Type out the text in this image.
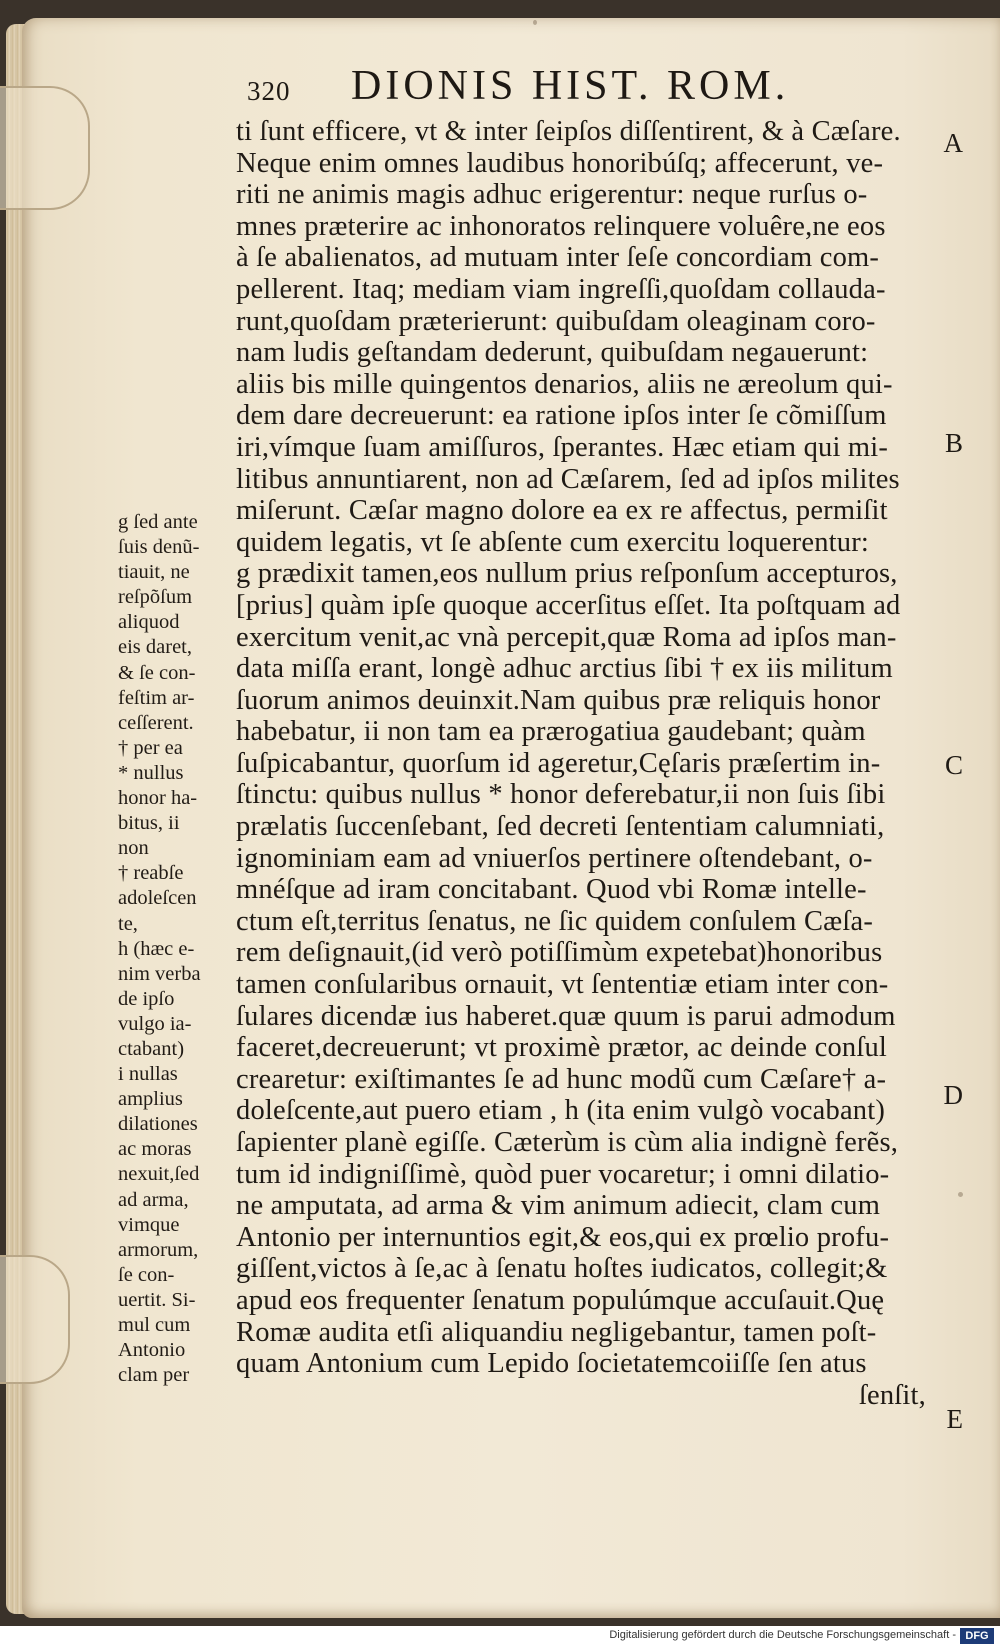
320 DIONIS HIST. ROM.
ti ſunt efficere, vt & inter ſeipſos diſſentirent, & à Cæſare.
Neque enim omnes laudibus honoribúſq; affecerunt, ve-
riti ne animis magis adhuc erigerentur: neque rurſus o-
mnes præterire ac inhonoratos relinquere voluêre,ne eos
à ſe abalienatos, ad mutuam inter ſeſe concordiam com-
pellerent. Itaq; mediam viam ingreſſi,quoſdam collauda-
runt,quoſdam præterierunt: quibuſdam oleaginam coro-
nam ludis geſtandam dederunt, quibuſdam negauerunt:
aliis bis mille quingentos denarios, aliis ne æreolum qui-
dem dare decreuerunt: ea ratione ipſos inter ſe cõmiſſum
iri,vímque ſuam amiſſuros, ſperantes. Hæc etiam qui mi-
litibus annuntiarent, non ad Cæſarem, ſed ad ipſos milites
miſerunt. Cæſar magno dolore ea ex re affectus, permiſit
quidem legatis, vt ſe abſente cum exercitu loquerentur:
g prædixit tamen,eos nullum prius reſponſum accepturos,
[prius] quàm ipſe quoque accerſitus eſſet. Ita poſtquam ad
exercitum venit,ac vnà percepit,quæ Roma ad ipſos man-
data miſſa erant, longè adhuc arctius ſibi † ex iis militum
ſuorum animos deuinxit.Nam quibus præ reliquis honor
habebatur, ii non tam ea prærogatiua gaudebant; quàm
ſuſpicabantur, quorſum id ageretur,Cęſaris præſertim in-
ſtinctu: quibus nullus * honor deferebatur,ii non ſuis ſibi
prælatis ſuccenſebant, ſed decreti ſententiam calumniati,
ignominiam eam ad vniuerſos pertinere oſtendebant, o-
mnéſque ad iram concitabant. Quod vbi Romæ intelle-
ctum eſt,territus ſenatus, ne ſic quidem conſulem Cæſa-
rem deſignauit,(id verò potiſſimùm expetebat)honoribus
tamen conſularibus ornauit, vt ſententiæ etiam inter con-
ſulares dicendæ ius haberet.quæ quum is parui admodum
faceret,decreuerunt; vt proximè prætor, ac deinde conſul
crearetur: exiſtimantes ſe ad hunc modũ cum Cæſare† a-
doleſcente,aut puero etiam , h (ita enim vulgò vocabant)
ſapienter planè egiſſe. Cæterùm is cùm alia indignè ferẽs,
tum id indigniſſimè, quòd puer vocaretur; i omni dilatio-
ne amputata, ad arma & vim animum adiecit, clam cum
Antonio per internuntios egit,& eos,qui ex prœlio profu-
giſſent,victos à ſe,ac à ſenatu hoſtes iudicatos, collegit;&
apud eos frequenter ſenatum populúmque accuſauit.Quę
Romæ audita etſi aliquandiu negligebantur, tamen poſt-
quam Antonium cum Lepido ſocietatemcoiiſſe ſen atus
ſenſit,
g ſed ante
ſuis denũ-
tiauit, ne
reſpõſum
aliquod
eis daret,
& ſe con-
feſtim ar-
ceſſerent.
† per ea
* nullus
honor ha-
bitus, ii
non
† reabſe
adoleſcen
te,
h (hæc e-
nim verba
de ipſo
vulgo ia-
ctabant)
i nullas
amplius
dilationes
ac moras
nexuit,ſed
ad arma,
vimque
armorum,
ſe con-
uertit. Si-
mul cum
Antonio
clam per
A
B
C
D
E
Digitalisierung gefördert durch die Deutsche Forschungsgemeinschaft - DFG
